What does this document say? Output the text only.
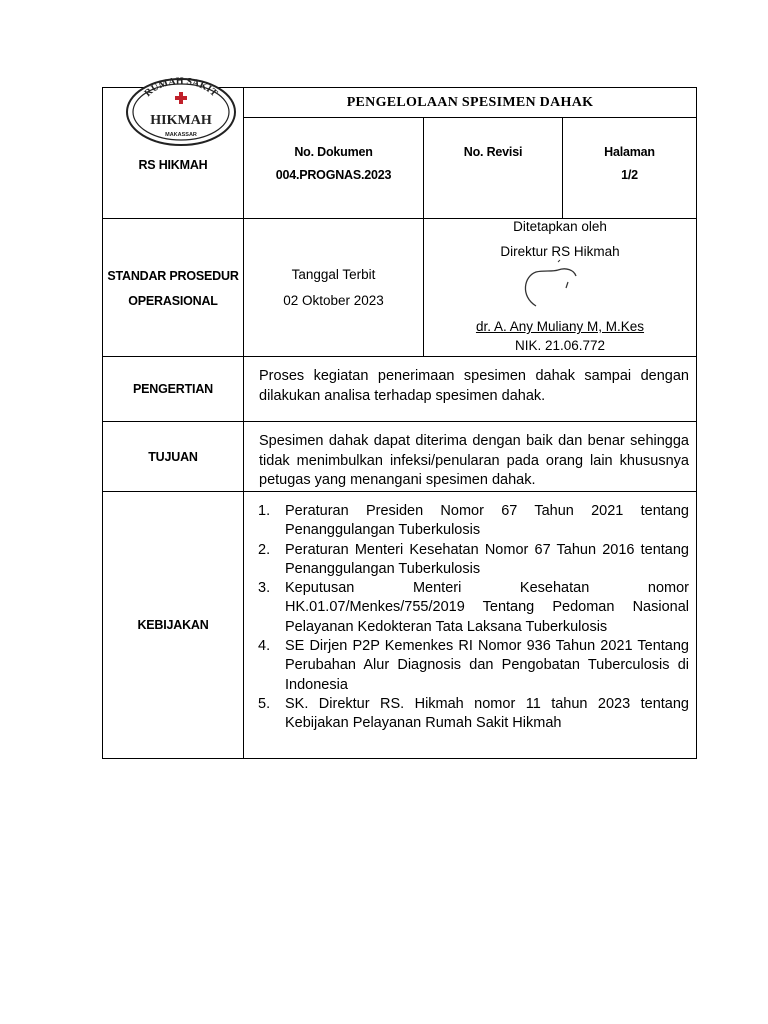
RUMAH SAKIT
HIKMAH
MAKASSAR
RS HIKMAH
PENGELOLAAN SPESIMEN DAHAK
No. Dokumen
004.PROGNAS.2023
No. Revisi	Halaman
1/2
STANDAR PROSEDUR
OPERASIONAL
Tanggal Terbit
02 Oktober 2023
Ditetapkan oleh
Direktur RS Hikmah
dr. A. Any Muliany M, M.Kes
NIK. 21.06.772
PENGERTIAN
Proses kegiatan penerimaan spesimen dahak sampai dengan dilakukan analisa terhadap spesimen dahak.
TUJUAN
Spesimen dahak dapat diterima dengan baik dan benar sehingga tidak menimbulkan infeksi/penularan pada orang lain khususnya petugas yang menangani spesimen dahak.
KEBIJAKAN
1. Peraturan Presiden Nomor 67 Tahun 2021 tentang Penanggulangan Tuberkulosis
2. Peraturan Menteri Kesehatan Nomor 67 Tahun 2016 tentang Penanggulangan Tuberkulosis
3. Keputusan Menteri Kesehatan nomor HK.01.07/Menkes/755/2019 Tentang Pedoman Nasional Pelayanan Kedokteran Tata Laksana Tuberkulosis
4. SE Dirjen P2P Kemenkes RI Nomor 936 Tahun 2021 Tentang Perubahan Alur Diagnosis dan Pengobatan Tuberculosis di Indonesia
5. SK. Direktur RS. Hikmah nomor 11 tahun 2023 tentang Kebijakan Pelayanan Rumah Sakit Hikmah
